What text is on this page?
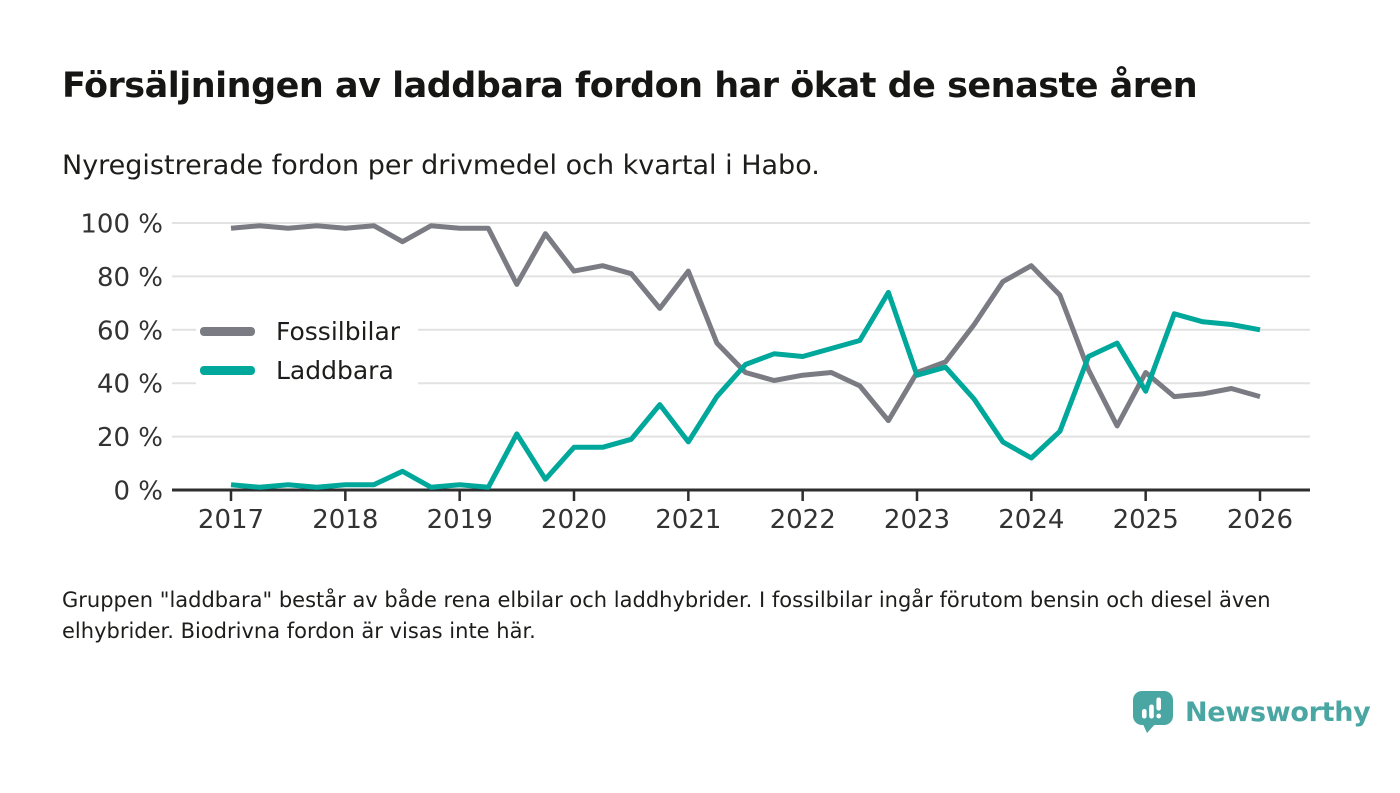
Försäljningen av laddbara fordon har ökat de senaste åren
Nyregistrerade fordon per drivmedel och kvartal i Habo.
0 %
20 %
40 %
60 %
80 %
100 %
2017 2018 2019 2020 2021 2022 2023 2024 2025 2026
Fossilbilar
Laddbara
Gruppen "laddbara" består av både rena elbilar och laddhybrider. I fossilbilar ingår förutom bensin och diesel även elhybrider. Biodrivna fordon är visas inte här.
Newsworthy
